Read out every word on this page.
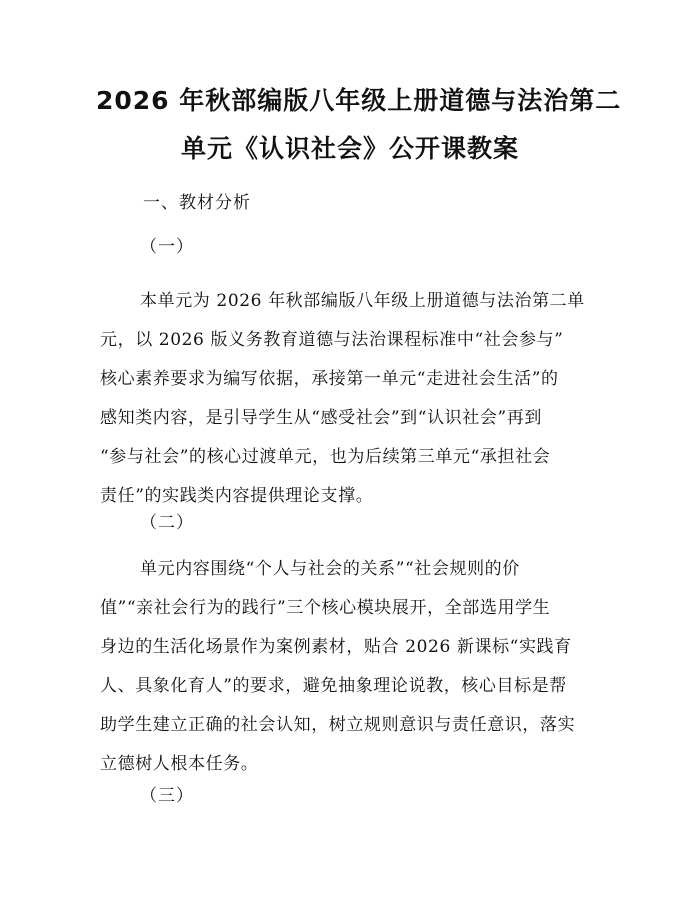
2026 年秋部编版八年级上册道德与法治第二
单元《认识社会》公开课教案
一、教材分析
（一）
本单元为 2026 年秋部编版八年级上册道德与法治第二单
元，以 2026 版义务教育道德与法治课程标准中“社会参与”
核心素养要求为编写依据，承接第一单元“走进社会生活”的
感知类内容，是引导学生从“感受社会”到“认识社会”再到
“参与社会”的核心过渡单元，也为后续第三单元“承担社会
责任”的实践类内容提供理论支撑。
（二）
单元内容围绕“个人与社会的关系”“社会规则的价
值”“亲社会行为的践行”三个核心模块展开，全部选用学生
身边的生活化场景作为案例素材，贴合 2026 新课标“实践育
人、具象化育人”的要求，避免抽象理论说教，核心目标是帮
助学生建立正确的社会认知，树立规则意识与责任意识，落实
立德树人根本任务。
（三）
